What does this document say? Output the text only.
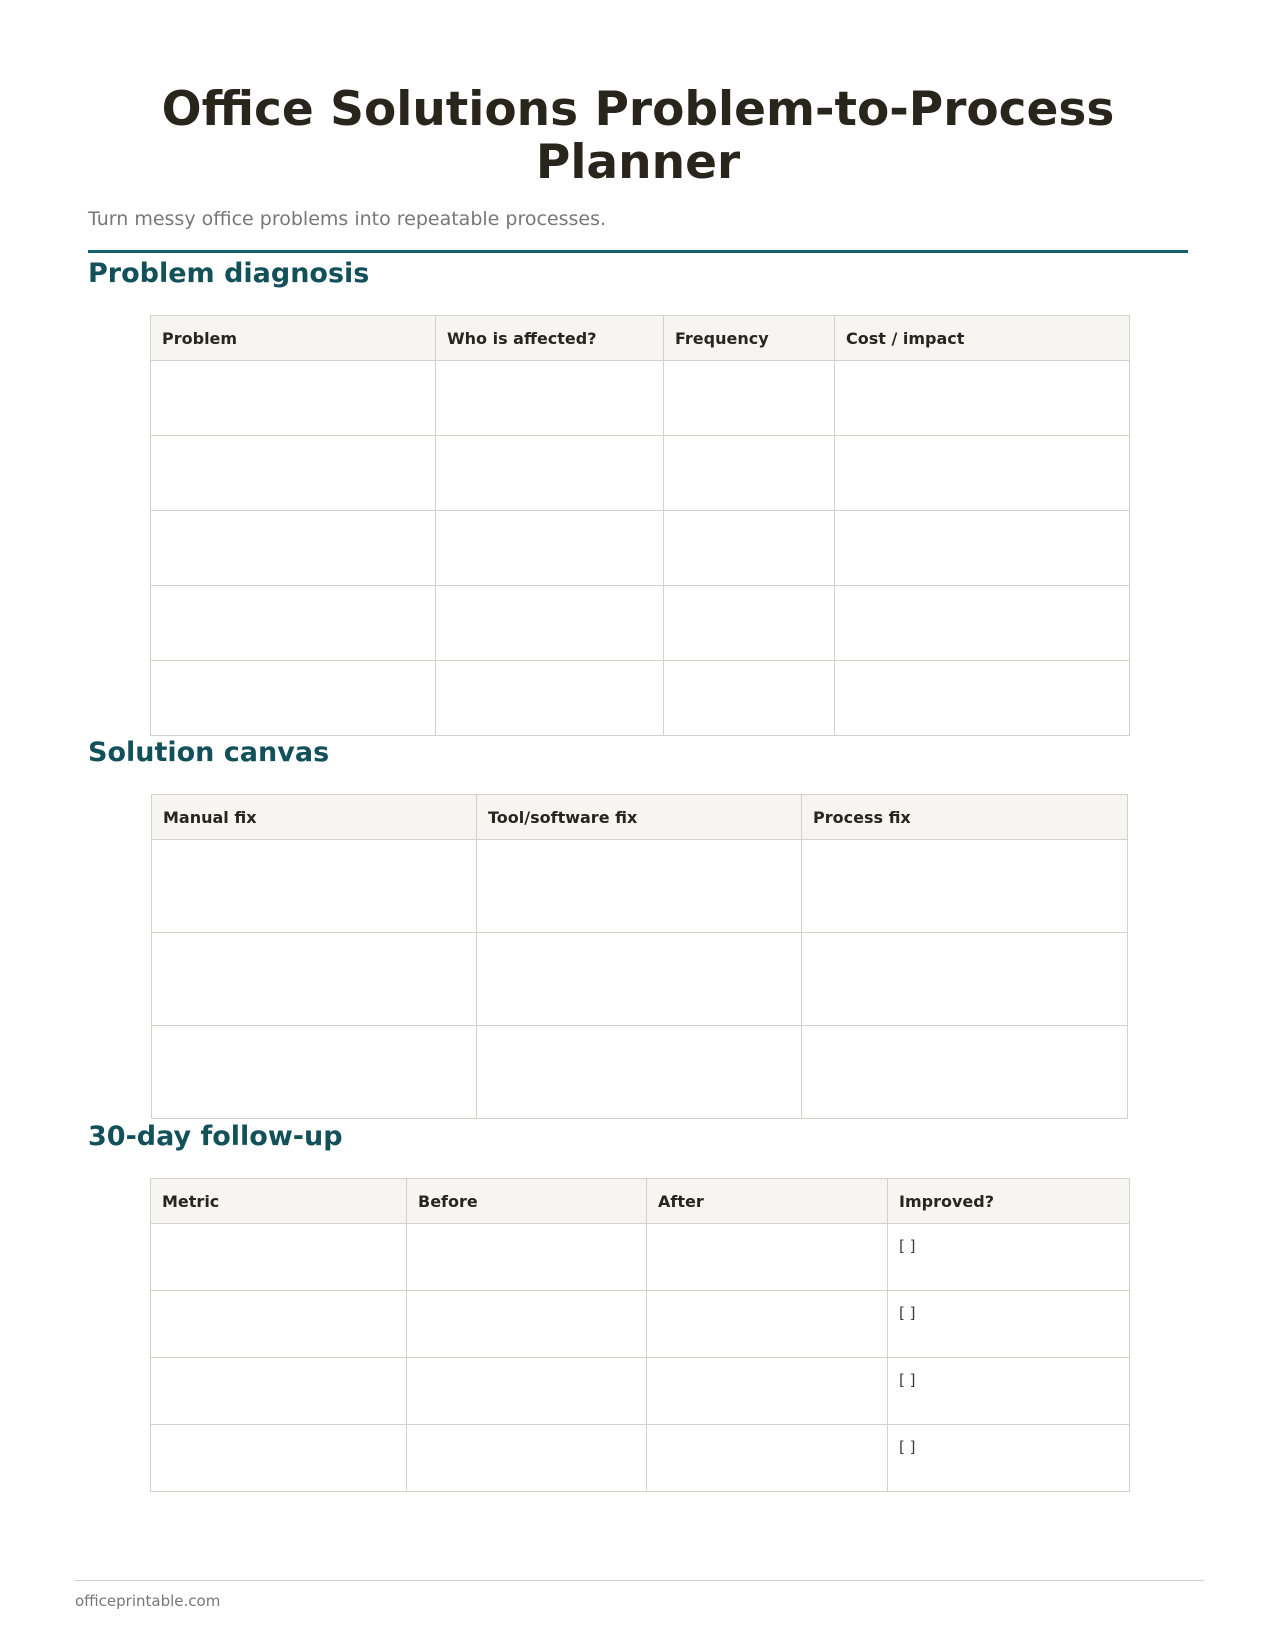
Office Solutions Problem-to-Process Planner

Turn messy office problems into repeatable processes.

Problem diagnosis
Problem	Who is affected?	Frequency	Cost / impact

Solution canvas
Manual fix	Tool/software fix	Process fix

30-day follow-up
Metric	Before	After	Improved?
			[ ]
			[ ]
			[ ]
			[ ]
officeprintable.com
